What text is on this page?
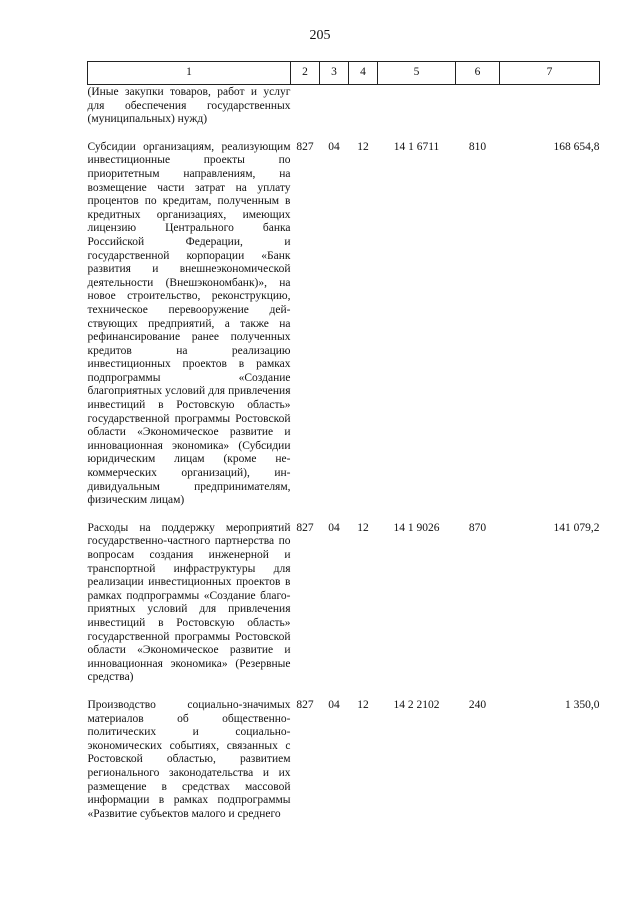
205
1	2	3	4	5	6	7
(Иные закупки товаров, работ и услуг для обеспечения государственных (муниципальных) нужд)						
Субсидии организациям, реализующим инвестиционные проекты по приоритетным направлениям, на возмещение части затрат на уплату процентов по кредитам, полученным в кредитных организациях, имеющих лицензию Центрального банка Российской Федерации, и государственной корпорации «Банк развития и внешнеэкономической деятельности (Внешэкономбанк)», на новое строительство, реконструкцию, техническое перевооружение действующих предприятий, а также на рефинансирование ранее полученных кредитов на реализацию инвестиционных проектов в рамках подпрограммы «Создание благоприятных условий для привлечения инвестиций в Ростовскую область» государственной программы Ростовской области «Экономическое развитие и инновационная экономика» (Субсидии юридическим лицам (кроме некоммерческих организаций), индивидуальным предпринимателям, физическим лицам)	827	04	12	14 1 6711	810	168 654,8
Расходы на поддержку мероприятий государственно-частного партнерства по вопросам создания инженерной и транспортной инфраструктуры для реализации инвестиционных проектов в рамках подпрограммы «Создание благоприятных условий для привлечения инвестиций в Ростовскую область» государственной программы Ростовской области «Экономическое развитие и инновационная экономика» (Резервные средства)	827	04	12	14 1 9026	870	141 079,2
Производство социально-значимых материалов об общественно-политических и социально-экономических событиях, связанных с Ростовской областью, развитием регионального законодательства и их размещение в средствах массовой информации в рамках подпрограммы «Развитие субъектов малого и среднего	827	04	12	14 2 2102	240	1 350,0
